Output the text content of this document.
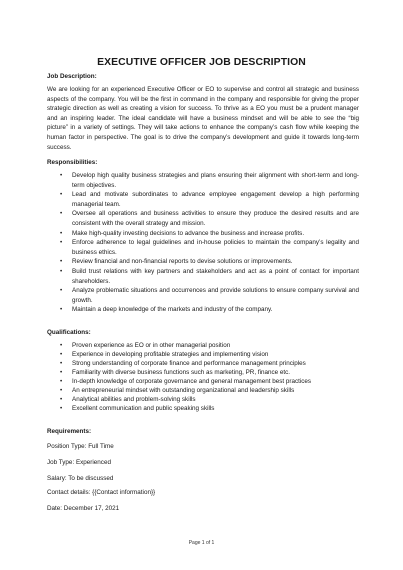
EXECUTIVE OFFICER JOB DESCRIPTION
Job Description:
We are looking for an experienced Executive Officer or EO to supervise and control all strategic and business aspects of the company. You will be the first in command in the company and responsible for giving the proper strategic direction as well as creating a vision for success. To thrive as a EO you must be a prudent manager and an inspiring leader. The ideal candidate will have a business mindset and will be able to see the “big picture” in a variety of settings. They will take actions to enhance the company’s cash flow while keeping the human factor in perspective. The goal is to drive the company’s development and guide it towards long-term success.
Responsibilities:
• Develop high quality business strategies and plans ensuring their alignment with short-term and long-term objectives.
• Lead and motivate subordinates to advance employee engagement develop a high performing managerial team.
• Oversee all operations and business activities to ensure they produce the desired results and are consistent with the overall strategy and mission.
• Make high-quality investing decisions to advance the business and increase profits.
• Enforce adherence to legal guidelines and in-house policies to maintain the company’s legality and business ethics.
• Review financial and non-financial reports to devise solutions or improvements.
• Build trust relations with key partners and stakeholders and act as a point of contact for important shareholders.
• Analyze problematic situations and occurrences and provide solutions to ensure company survival and growth.
• Maintain a deep knowledge of the markets and industry of the company.
Qualifications:
• Proven experience as EO or in other managerial position
• Experience in developing profitable strategies and implementing vision
• Strong understanding of corporate finance and performance management principles
• Familiarity with diverse business functions such as marketing, PR, finance etc.
• In-depth knowledge of corporate governance and general management best practices
• An entrepreneurial mindset with outstanding organizational and leadership skills
• Analytical abilities and problem-solving skills
• Excellent communication and public speaking skills
Requirements:
Position Type: Full Time
Job Type: Experienced
Salary: To be discussed
Contact details: {{Contact information}}
Date: December 17, 2021
Page 1 of 1
